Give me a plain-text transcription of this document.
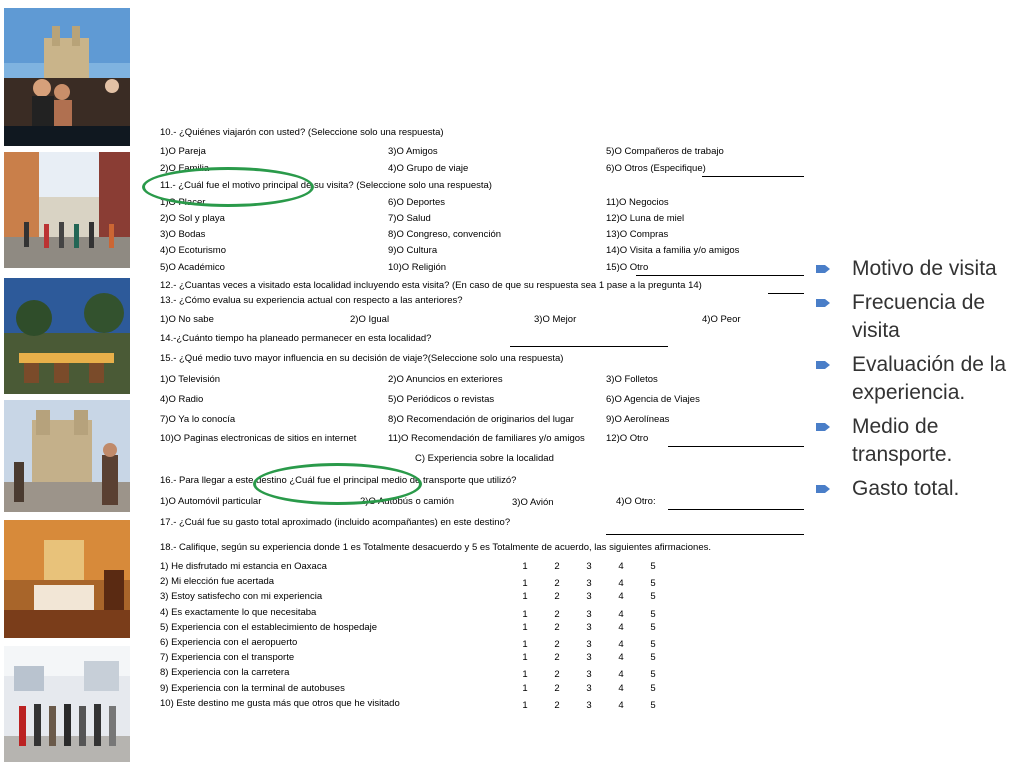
10.- ¿Quiénes viajarón con usted? (Seleccione solo una respuesta)
1)O Pareja	3)O Amigos	5)O Compañeros de trabajo
2)O Familia	4)O Grupo de viaje	6)O Otros (Especifique)
11.- ¿Cuál fue el motivo principal de su visita? (Seleccione solo una respuesta)
1)O Placer	6)O Deportes	11)O Negocios
2)O Sol y playa	7)O Salud	12)O Luna de miel
3)O Bodas	8)O Congreso, convención	13)O Compras
4)O Ecoturismo	9)O Cultura	14)O Visita a familia y/o amigos
5)O Académico	10)O Religión	15)O Otro
12.- ¿Cuantas veces a visitado esta localidad incluyendo esta visita? (En caso de que su respuesta sea 1 pase a la pregunta 14)
13.- ¿Cómo evalua su experiencia actual con respecto a las anteriores?
1)O No sabe	2)O Igual	3)O Mejor	4)O Peor
14.-¿Cuánto tiempo ha planeado permanecer en esta localidad?
15.- ¿Qué medio tuvo mayor influencia en su decisión de viaje?(Seleccione solo una respuesta)
1)O Televisión	2)O Anuncios en exteriores	3)O Folletos
4)O Radio	5)O Periódicos o revistas	6)O Agencia de Viajes
7)O Ya lo conocía	8)O Recomendación de originarios del lugar	9)O Aerolíneas
10)O Paginas electronicas de sitios en internet	11)O Recomendación de familiares y/o amigos 12)O Otro
C) Experiencia sobre la localidad
16.- Para llegar a este destino ¿Cuál fue el principal medio de transporte que utilizó?
1)O Automóvil particular	2)O Autobús o camión	3)O Avión	4)O Otro:
17.- ¿Cuál fue su gasto total aproximado (incluido acompañantes) en este destino?
18.- Califique, según su experiencia donde 1 es Totalmente desacuerdo y 5 es Totalmente de acuerdo, las siguientes afirmaciones.
1) He disfrutado mi estancia en Oaxaca	1	2	3	4	5
2) Mi elección fue acertada	1	2	3	4	5
3) Estoy satisfecho con mi experiencia	1	2	3	4	5
4) Es exactamente lo que necesitaba	1	2	3	4	5
5) Experiencia con el establecimiento de hospedaje	1	2	3	4	5
6) Experiencia con el aeropuerto	1	2	3	4	5
7) Experiencia con el transporte	1	2	3	4	5
8) Experiencia con la carretera	1	2	3	4	5
9) Experiencia con la terminal de autobuses	1	2	3	4	5
10) Este destino me gusta más que otros que he visitado	1	2	3	4	5
Motivo de visita
Frecuencia de visita
Evaluación de la experiencia.
Medio de transporte.
Gasto total.
